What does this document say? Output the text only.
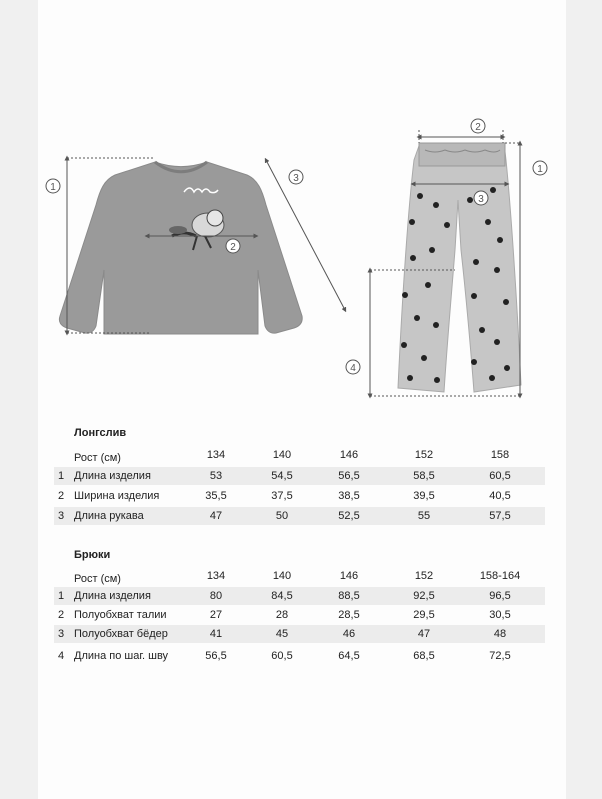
1
2
3
2
3
1
4
Лонгслив
Рост (см)	134	140	146	152	158
1 Длина изделия	53	54,5	56,5	58,5	60,5
2 Ширина изделия	35,5	37,5	38,5	39,5	40,5
3 Длина рукава	47	50	52,5	55	57,5
Брюки
Рост (см)	134	140	146	152	158-164
1 Длина изделия	80	84,5	88,5	92,5	96,5
2 Полуобхват талии	27	28	28,5	29,5	30,5
3 Полуобхват бёдер	41	45	46	47	48
4 Длина по шаг. шву	56,5	60,5	64,5	68,5	72,5
